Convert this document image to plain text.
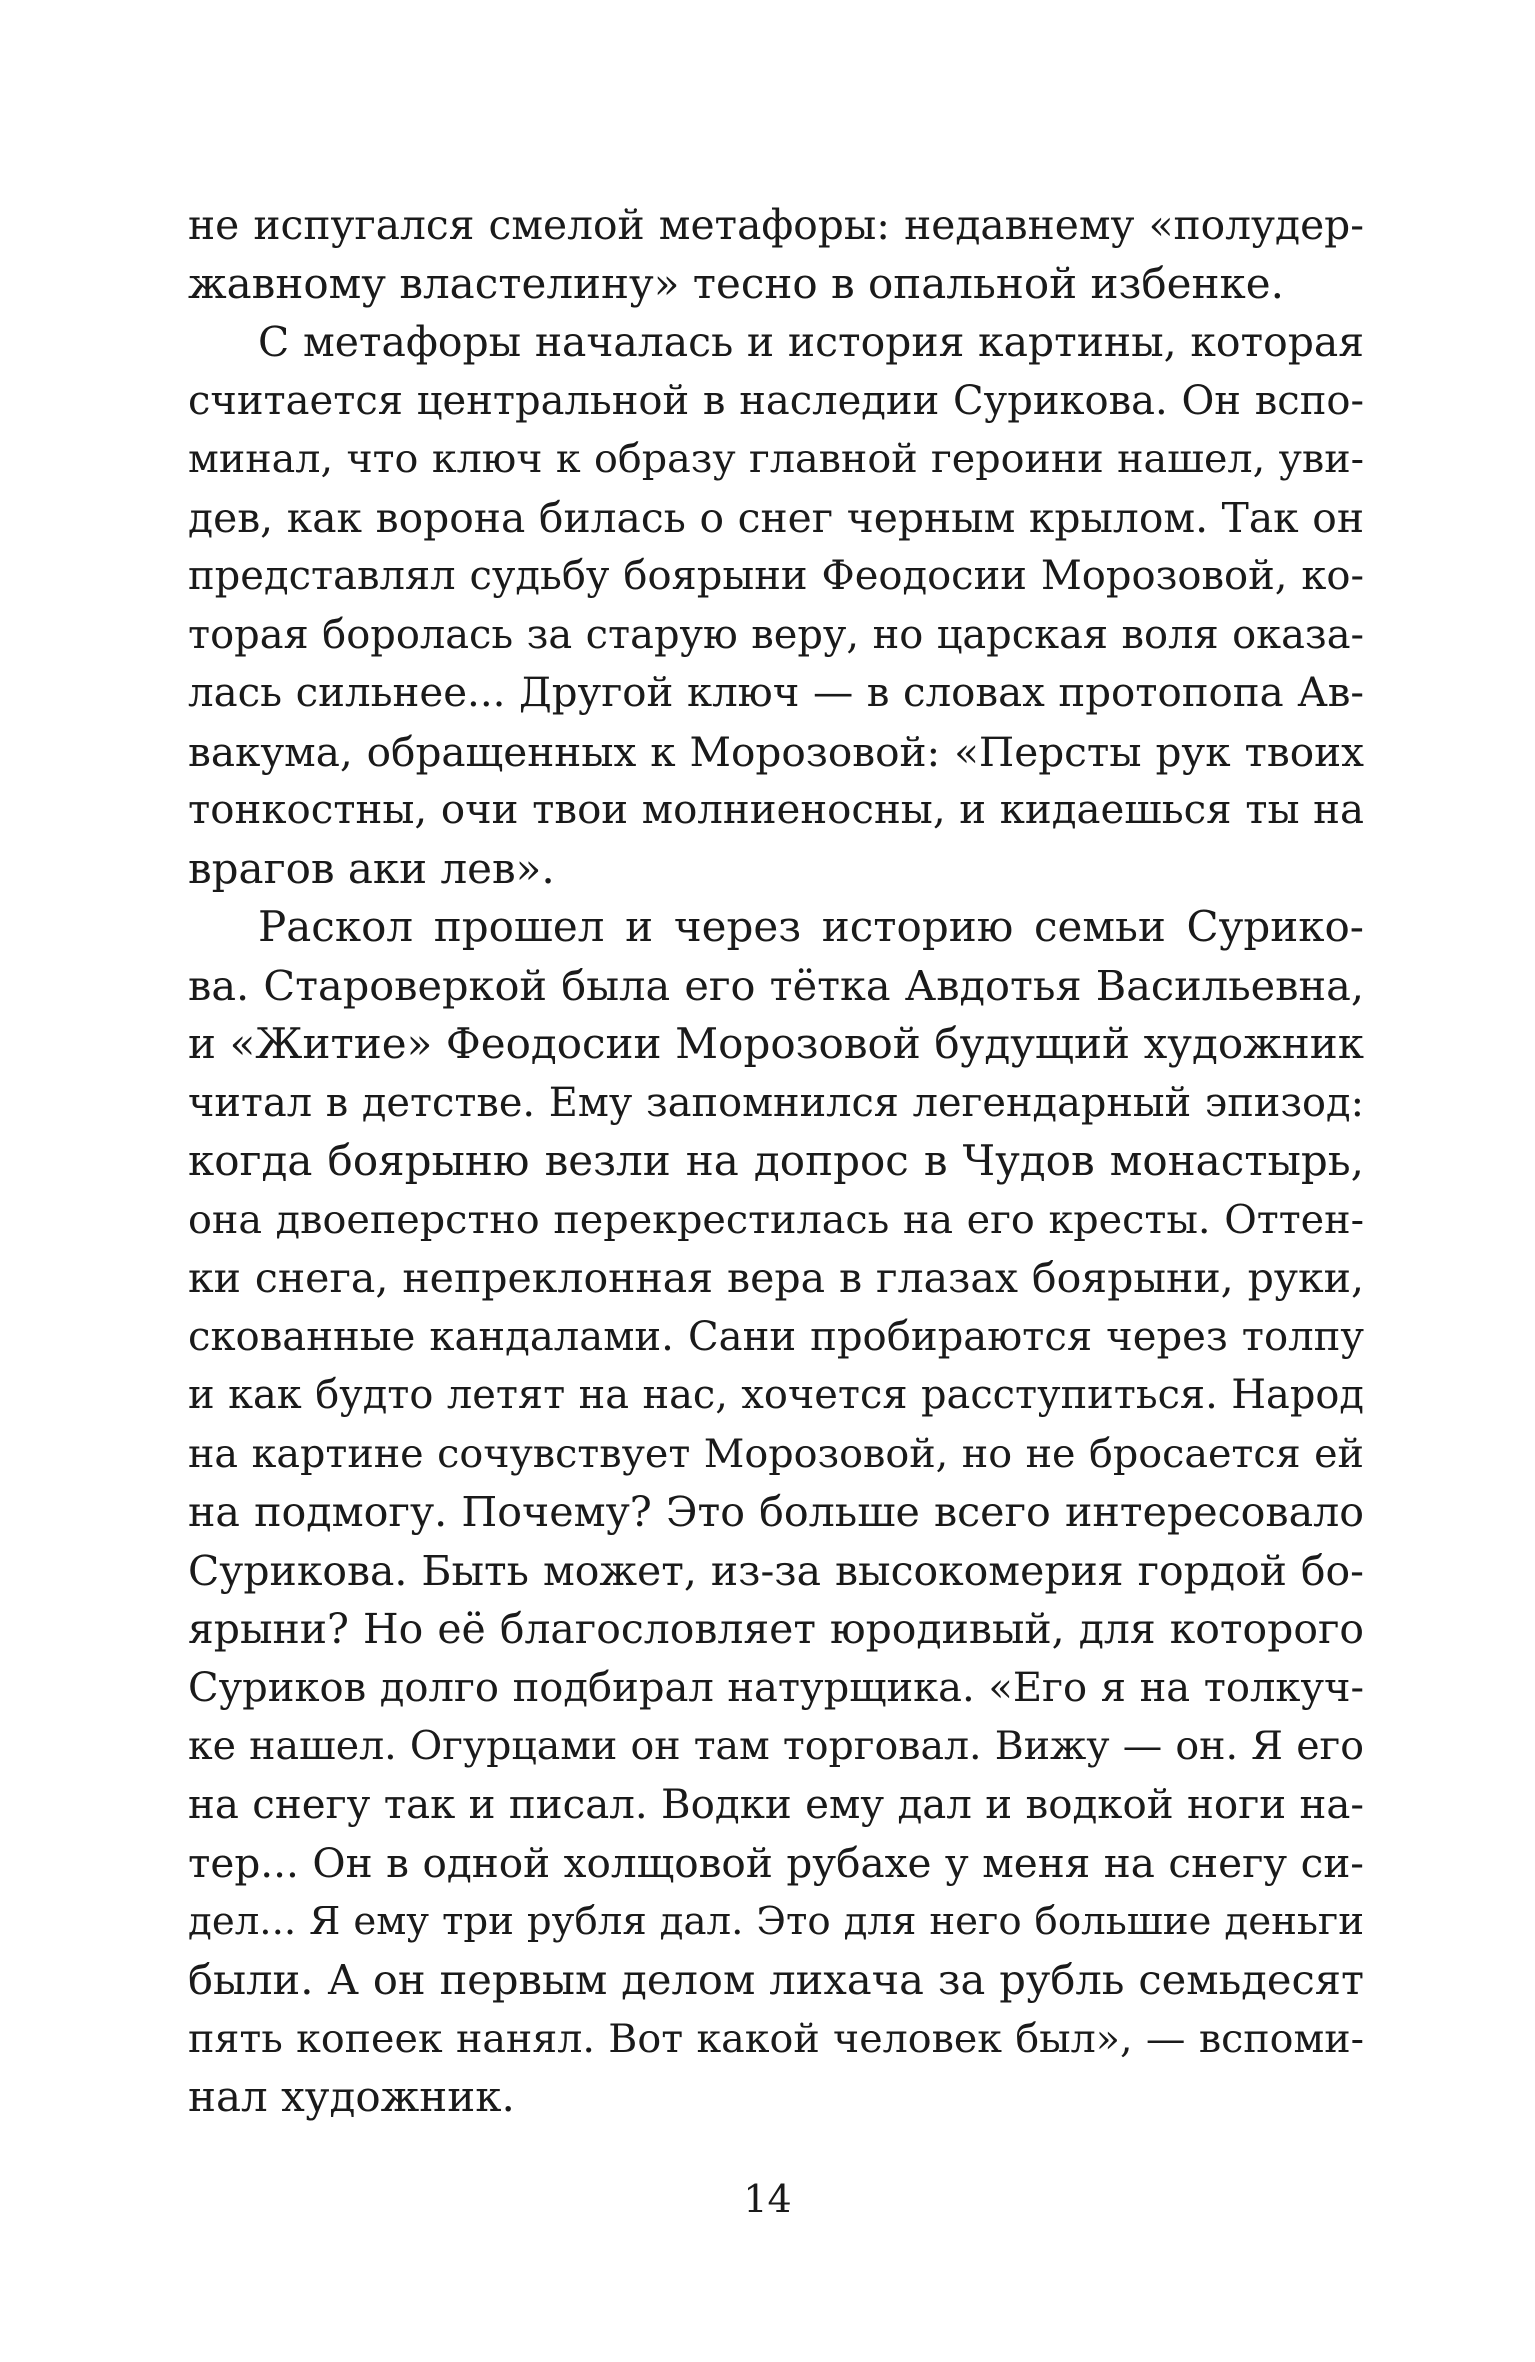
не испугался смелой метафоры: недавнему «полудер-
жавному властелину» тесно в опальной избенке.
С метафоры началась и история картины, которая
считается центральной в наследии Сурикова. Он вспо-
минал, что ключ к образу главной героини нашел, уви-
дев, как ворона билась о снег черным крылом. Так он
представлял судьбу боярыни Феодосии Морозовой, ко-
торая боролась за старую веру, но царская воля оказа-
лась сильнее... Другой ключ — в словах протопопа Ав-
вакума, обращенных к Морозовой: «Персты рук твоих
тонкостны, очи твои молниеносны, и кидаешься ты на
врагов аки лев».
Раскол прошел и через историю семьи Сурико-
ва. Староверкой была его тётка Авдотья Васильевна,
и «Житие» Феодосии Морозовой будущий художник
читал в детстве. Ему запомнился легендарный эпизод:
когда боярыню везли на допрос в Чудов монастырь,
она двоеперстно перекрестилась на его кресты. Оттен-
ки снега, непреклонная вера в глазах боярыни, руки,
скованные кандалами. Сани пробираются через толпу
и как будто летят на нас, хочется расступиться. Народ
на картине сочувствует Морозовой, но не бросается ей
на подмогу. Почему? Это больше всего интересовало
Сурикова. Быть может, из-за высокомерия гордой бо-
ярыни? Но её благословляет юродивый, для которого
Суриков долго подбирал натурщика. «Его я на толкуч-
ке нашел. Огурцами он там торговал. Вижу — он. Я его
на снегу так и писал. Водки ему дал и водкой ноги на-
тер... Он в одной холщовой рубахе у меня на снегу си-
дел... Я ему три рубля дал. Это для него большие деньги
были. А он первым делом лихача за рубль семьдесят
пять копеек нанял. Вот какой человек был», — вспоми-
нал художник.
14
